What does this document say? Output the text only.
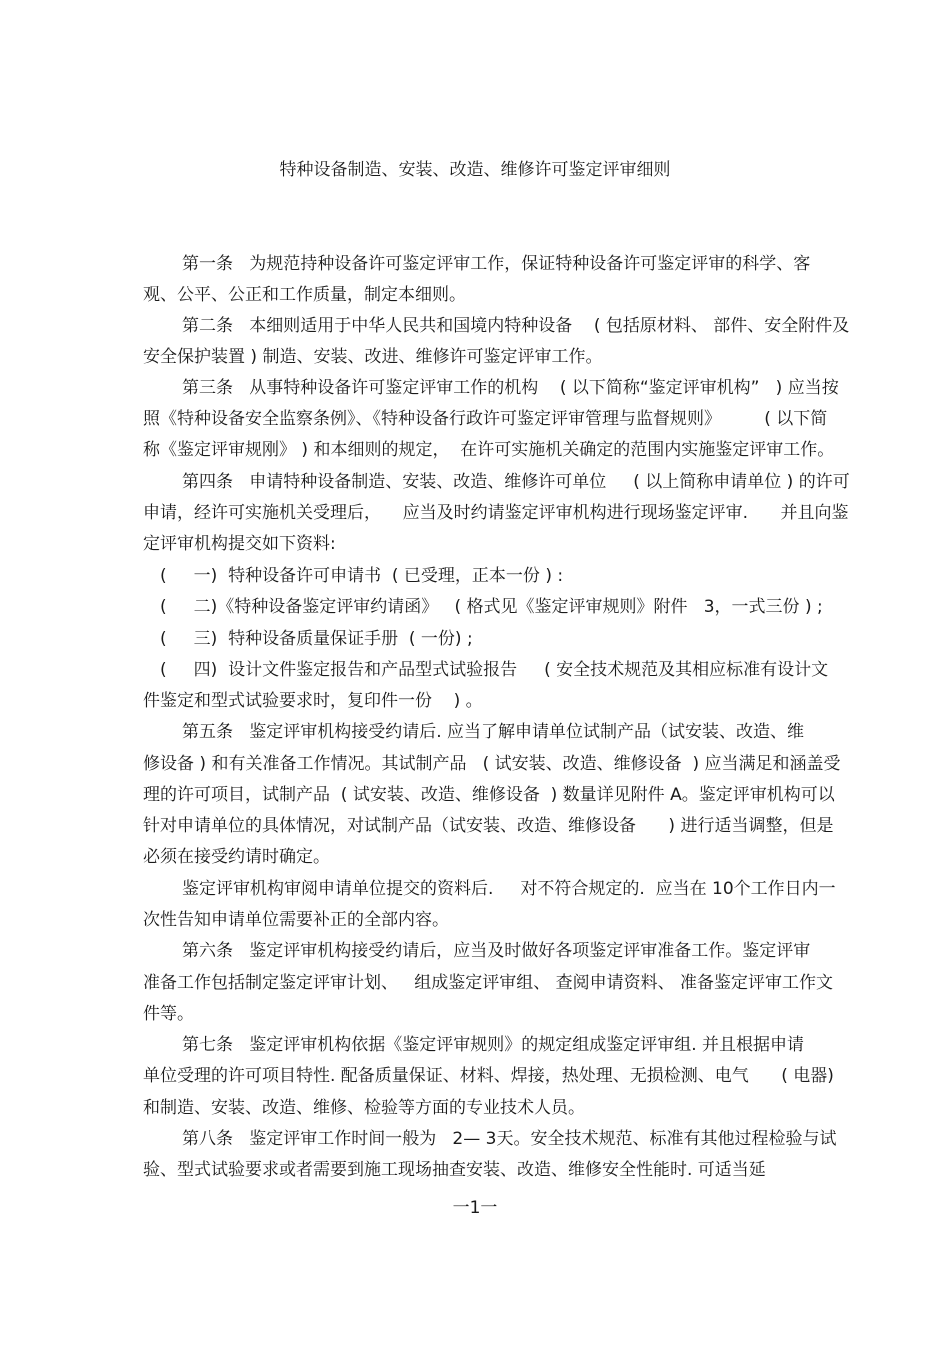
特种设备制造、安装、改造、维修许可鉴定评审细则
第一条   为规范持种设备许可鉴定评审工作，保证特种设备许可鉴定评审的科学、客
观、公平、公正和工作质量，制定本细则。
第二条   本细则适用于中华人民共和国境内特种设备    ( 包括原材料、 部件、安全附件及
安全保护装置 ) 制造、安装、改进、维修许可鉴定评审工作。
第三条   从事特种设备许可鉴定评审工作的机构    ( 以下简称“鉴定评审机构”   ) 应当按
照《特种设备安全监察条例》、《特种设备行政许可鉴定评审管理与监督规则》        ( 以下简
称《鉴定评审规刚》 ) 和本细则的规定，  在许可实施机关确定的范围内实施鉴定评审工作。
第四条   申请特种设备制造、安装、改造、维修许可单位     ( 以上简称申请单位 ) 的许可
申请，经许可实施机关受理后，    应当及时约请鉴定评审机构进行现场鉴定评审.      并且向鉴
定评审机构提交如下资料:
(     一)  特种设备许可申请书  ( 已受理，正本一份 ) :
(     二)《特种设备鉴定评审约请函》   ( 格式见《鉴定评审规则》附件   3，一式三份 ) ;
(     三)  特种设备质量保证手册  ( 一份) ;
(     四)  设计文件鉴定报告和产品型式试验报告     ( 安全技术规范及其相应标准有设计文
件鉴定和型式试验要求时，复印件一份    ) 。
第五条   鉴定评审机构接受约请后. 应当了解申请单位试制产品（试安装、改造、维
修设备 ) 和有关准备工作情况。其试制产品   ( 试安装、改造、维修设备  ) 应当满足和涵盖受
理的许可项目，试制产品  ( 试安装、改造、维修设备  ) 数量详见附件 A。鉴定评审机构可以
针对申请单位的具体情况，对试制产品（试安装、改造、维修设备      ) 进行适当调整，但是
必须在接受约请时确定。
鉴定评审机构审阅申请单位提交的资料后.     对不符合规定的.  应当在 10个工作日内一
次性告知申请单位需要补正的全部内容。
第六条   鉴定评审机构接受约请后，应当及时做好各项鉴定评审准备工作。鉴定评审
准备工作包括制定鉴定评审计划、   组成鉴定评审组、 查阅申请资料、 准备鉴定评审工作文
件等。
第七条   鉴定评审机构依据《鉴定评审规则》的规定组成鉴定评审组. 并且根据申请
单位受理的许可项目特性. 配备质量保证、材料、焊接，热处理、无损检测、电气      ( 电器)
和制造、安装、改造、维修、检验等方面的专业技术人员。
第八条   鉴定评审工作时间一般为   2— 3天。安全技术规范、标准有其他过程检验与试
验、型式试验要求或者需要到施工现场抽查安装、改造、维修安全性能时. 可适当延
一1一
